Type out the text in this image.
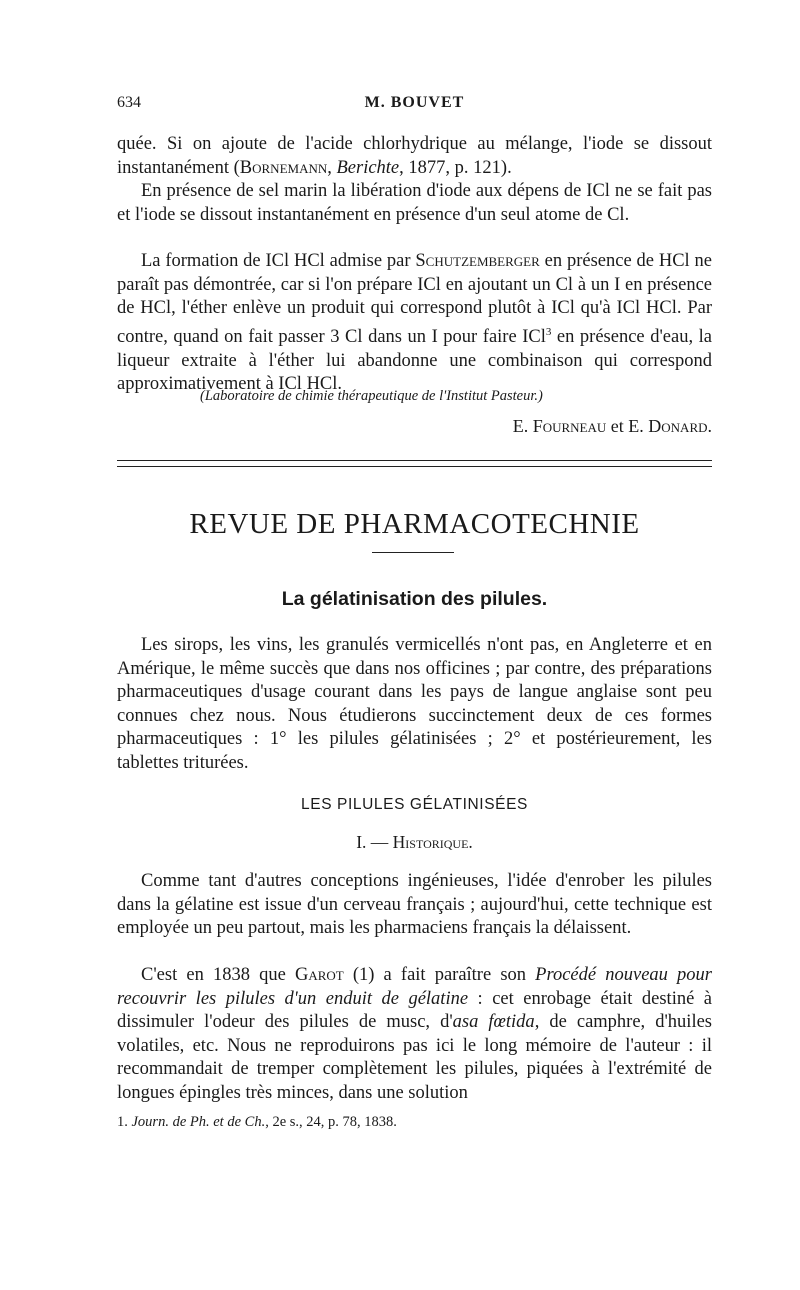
634	M. BOUVET
quée. Si on ajoute de l'acide chlorhydrique au mélange, l'iode se dissout instantanément (Bornemann, Berichte, 1877, p. 121).
En présence de sel marin la libération d'iode aux dépens de ICl ne se fait pas et l'iode se dissout instantanément en présence d'un seul atome de Cl.
La formation de ICl HCl admise par Schutzemberger en présence de HCl ne paraît pas démontrée, car si l'on prépare ICl en ajoutant un Cl à un I en présence de HCl, l'éther enlève un produit qui correspond plutôt à ICl qu'à ICl HCl. Par contre, quand on fait passer 3 Cl dans un I pour faire ICl$^3$ en présence d'eau, la liqueur extraite à l'éther lui abandonne une combinaison qui correspond approximativement à ICl HCl.
(Laboratoire de chimie thérapeutique de l'Institut Pasteur.)
E. Fourneau et E. Donard.
REVUE DE PHARMACOTECHNIE
La gélatinisation des pilules.
Les sirops, les vins, les granulés vermicellés n'ont pas, en Angleterre et en Amérique, le même succès que dans nos officines ; par contre, des préparations pharmaceutiques d'usage courant dans les pays de langue anglaise sont peu connues chez nous. Nous étudierons succinctement deux de ces formes pharmaceutiques : 1° les pilules gélatinisées ; 2° et postérieurement, les tablettes triturées.
LES PILULES GÉLATINISÉES
I. — Historique.
Comme tant d'autres conceptions ingénieuses, l'idée d'enrober les pilules dans la gélatine est issue d'un cerveau français ; aujourd'hui, cette technique est employée un peu partout, mais les pharmaciens français la délaissent.
C'est en 1838 que Garot (1) a fait paraître son Procédé nouveau pour recouvrir les pilules d'un enduit de gélatine : cet enrobage était destiné à dissimuler l'odeur des pilules de musc, d'asa fœtida, de camphre, d'huiles volatiles, etc. Nous ne reproduirons pas ici le long mémoire de l'auteur : il recommandait de tremper complètement les pilules, piquées à l'extrémité de longues épingles très minces, dans une solution
1. Journ. de Ph. et de Ch., 2e s., 24, p. 78, 1838.
